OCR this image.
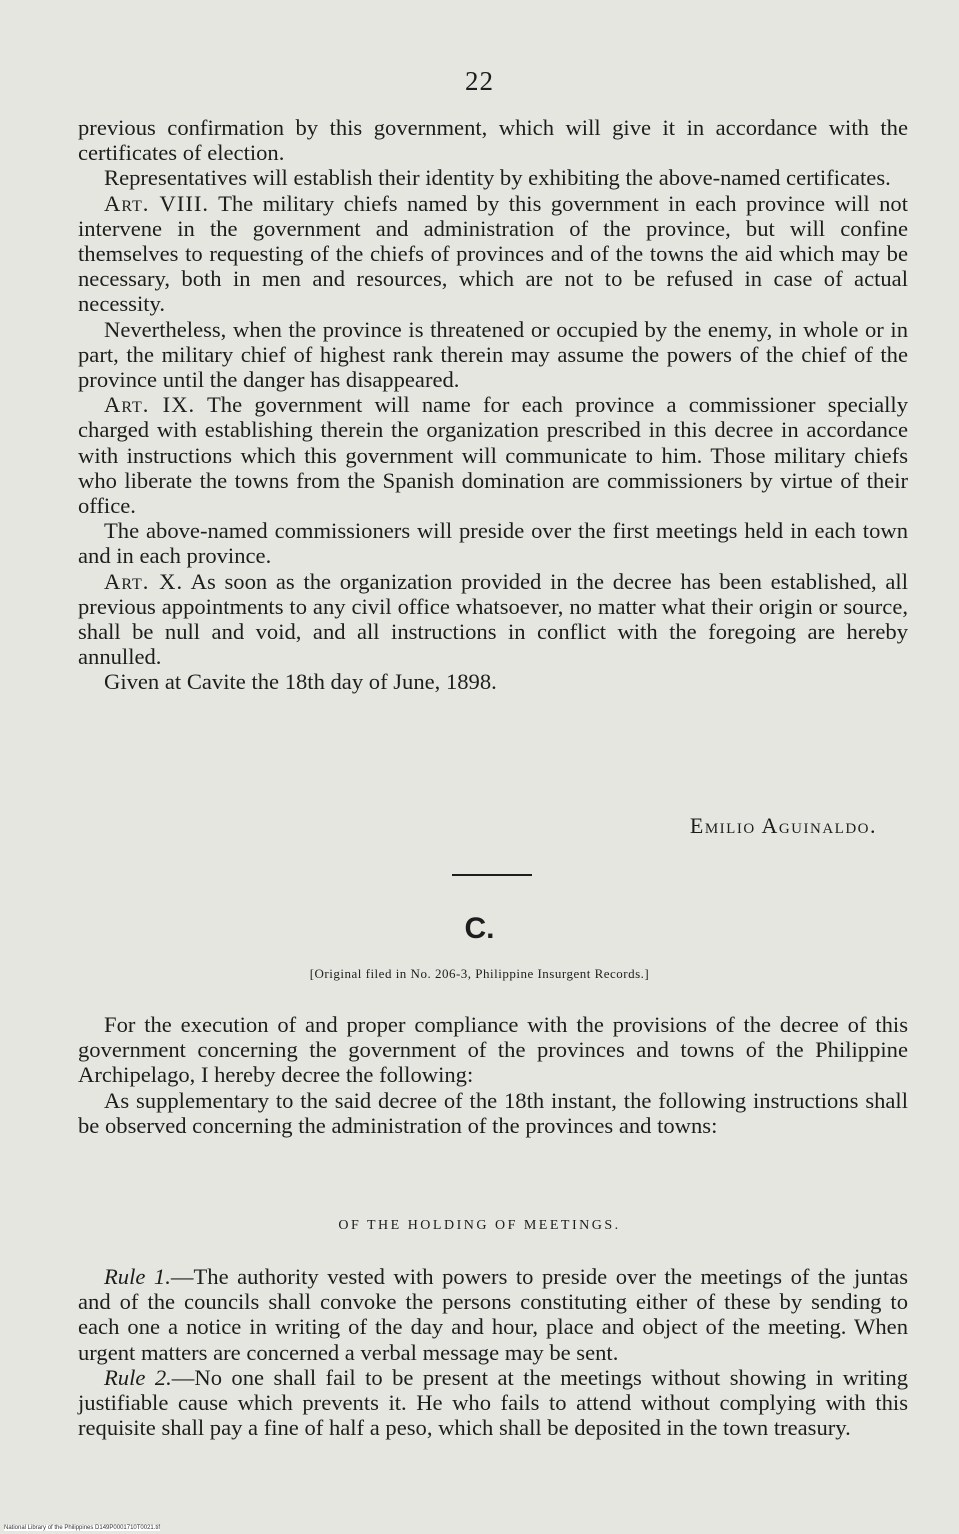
22

previous confirmation by this government, which will give it in accordance with the certificates of election.

Representatives will establish their identity by exhibiting the above-named certificates.

Art. VIII. The military chiefs named by this government in each province will not intervene in the government and administration of the province, but will confine themselves to requesting of the chiefs of provinces and of the towns the aid which may be necessary, both in men and resources, which are not to be refused in case of actual necessity.

Nevertheless, when the province is threatened or occupied by the enemy, in whole or in part, the military chief of highest rank therein may assume the powers of the chief of the province until the danger has disappeared.

Art. IX. The government will name for each province a commissioner specially charged with establishing therein the organization prescribed in this decree in accordance with instructions which this government will communicate to him. Those military chiefs who liberate the towns from the Spanish domination are commissioners by virtue of their office.

The above-named commissioners will preside over the first meetings held in each town and in each province.

Art. X. As soon as the organization provided in the decree has been established, all previous appointments to any civil office whatsoever, no matter what their origin or source, shall be null and void, and all instructions in conflict with the foregoing are hereby annulled.

Given at Cavite the 18th day of June, 1898.

Emilio Aguinaldo.
C.
[Original filed in No. 206-3, Philippine Insurgent Records.]

For the execution of and proper compliance with the provisions of the decree of this government concerning the government of the provinces and towns of the Philippine Archipelago, I hereby decree the following:

As supplementary to the said decree of the 18th instant, the following instructions shall be observed concerning the administration of the provinces and towns:

OF THE HOLDING OF MEETINGS.

Rule 1.—The authority vested with powers to preside over the meetings of the juntas and of the councils shall convoke the persons constituting either of these by sending to each one a notice in writing of the day and hour, place and object of the meeting. When urgent matters are concerned a verbal message may be sent.

Rule 2.—No one shall fail to be present at the meetings without showing in writing justifiable cause which prevents it. He who fails to attend without complying with this requisite shall pay a fine of half a peso, which shall be deposited in the town treasury.

National Library of the Philippines D149P0001710T0021.tif
